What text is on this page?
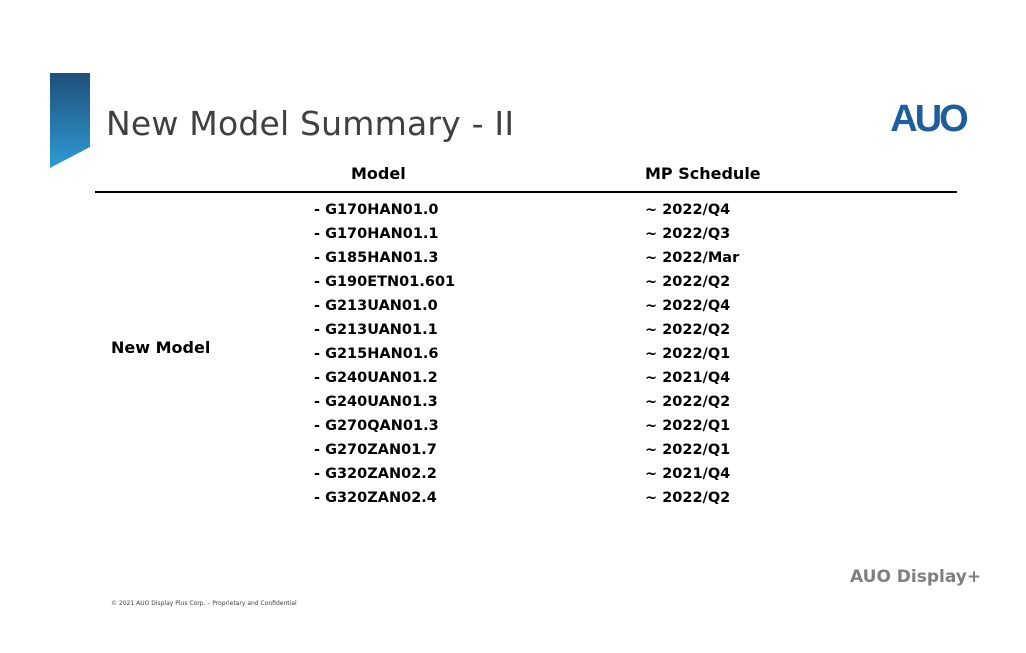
New Model Summary - II	AUO
Model	MP Schedule
New Model
- G170HAN01.0
- G170HAN01.1
- G185HAN01.3
- G190ETN01.601
- G213UAN01.0
- G213UAN01.1
- G215HAN01.6
- G240UAN01.2
- G240UAN01.3
- G270QAN01.3
- G270ZAN01.7
- G320ZAN02.2
- G320ZAN02.4
~ 2022/Q4
~ 2022/Q3
~ 2022/Mar
~ 2022/Q2
~ 2022/Q4
~ 2022/Q2
~ 2022/Q1
~ 2021/Q4
~ 2022/Q2
~ 2022/Q1
~ 2022/Q1
~ 2021/Q4
~ 2022/Q2
AUO Display+
© 2021 AUO Display Plus Corp. – Proprietary and Confidential
